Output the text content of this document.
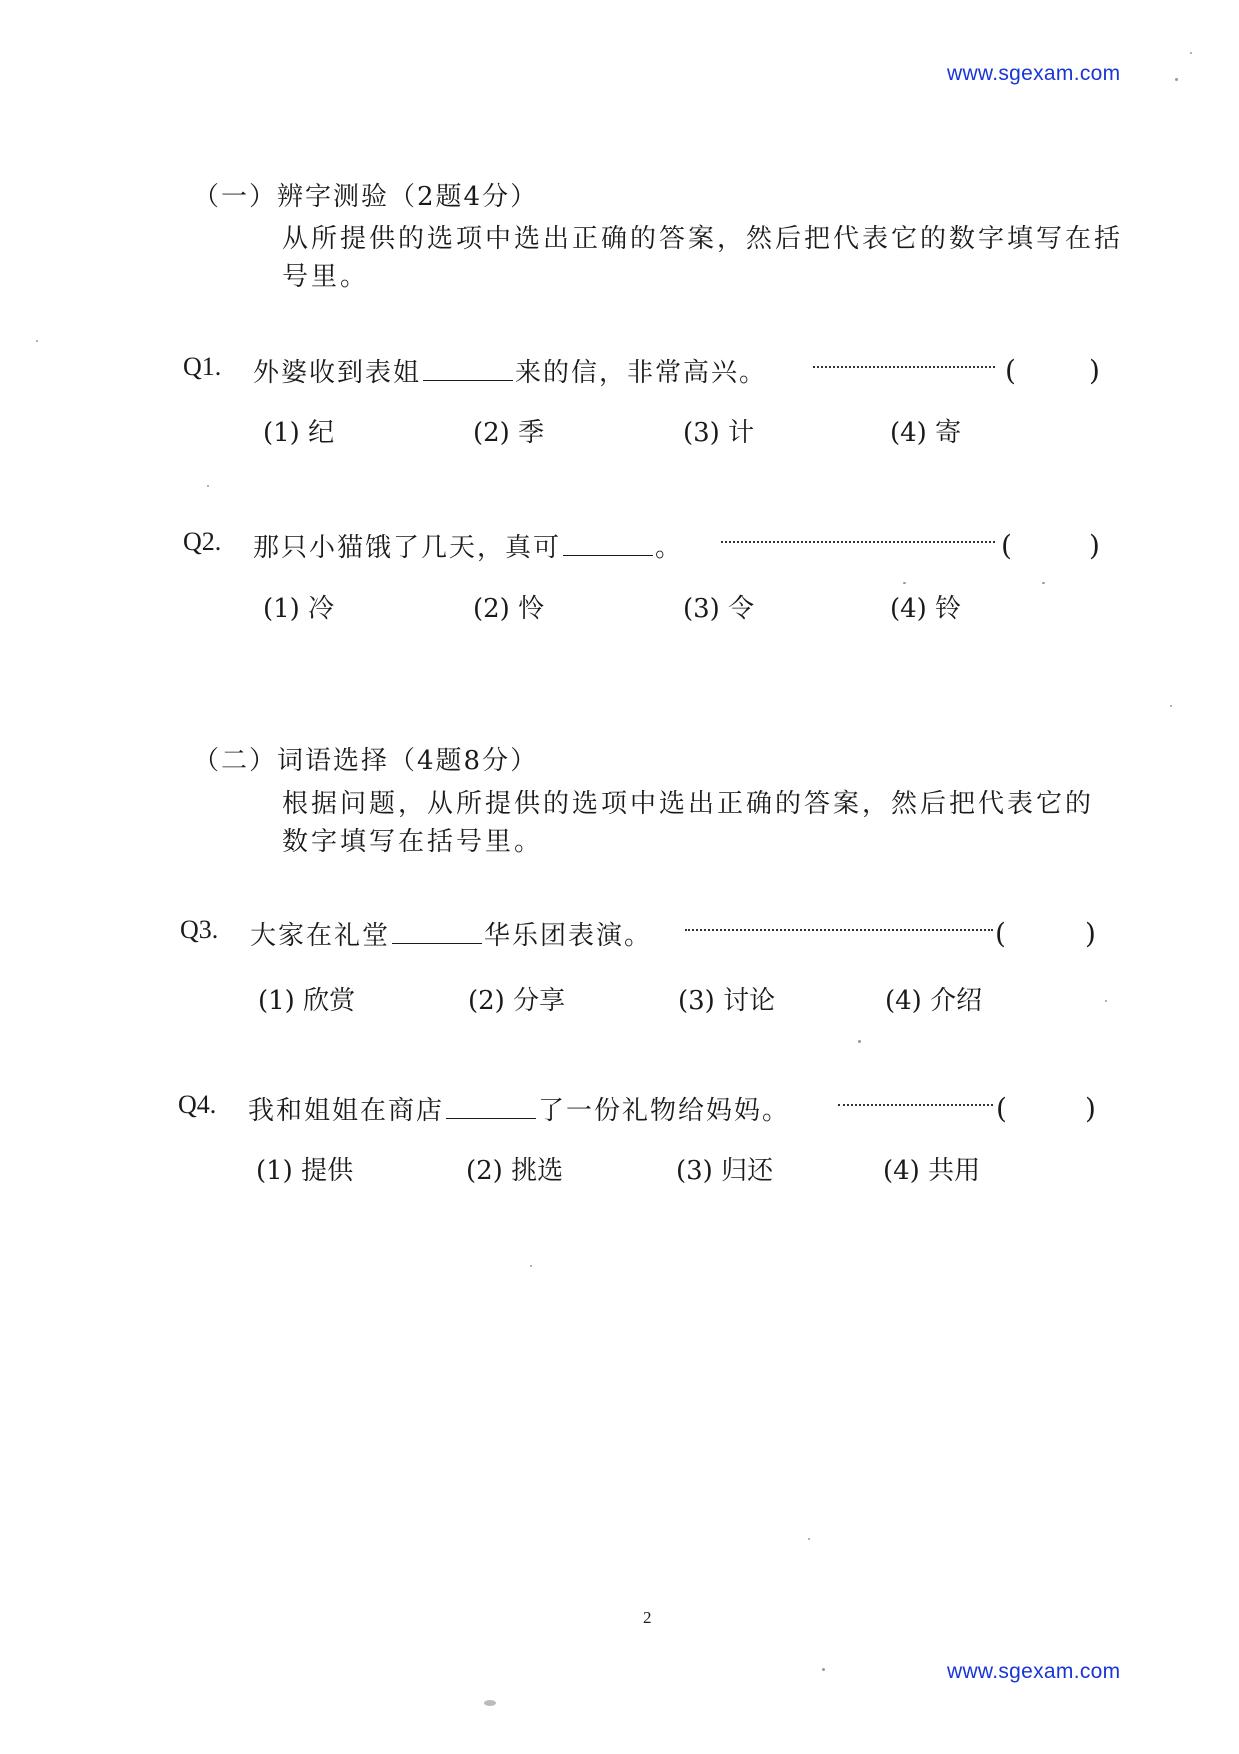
www.sgexam.com
www.sgexam.com
（一）辨字测验（2题4分）
从所提供的选项中选出正确的答案，然后把代表它的数字填写在括号里。
Q1. 外婆收到表姐	来的信，非常高兴。	(	)
(1) 纪	(2) 季	(3) 计	(4) 寄
Q2. 那只小猫饿了几天，真可	。	(	)
(1) 冷	(2) 怜	(3) 令	(4) 铃
（二）词语选择（4题8分）
根据问题，从所提供的选项中选出正确的答案，然后把代表它的数字填写在括号里。
Q3. 大家在礼堂	华乐团表演。	(	)
(1) 欣赏	(2) 分享	(3) 讨论	(4) 介绍
Q4. 我和姐姐在商店	了一份礼物给妈妈。	(	)
(1) 提供	(2) 挑选	(3) 归还	(4) 共用
2
